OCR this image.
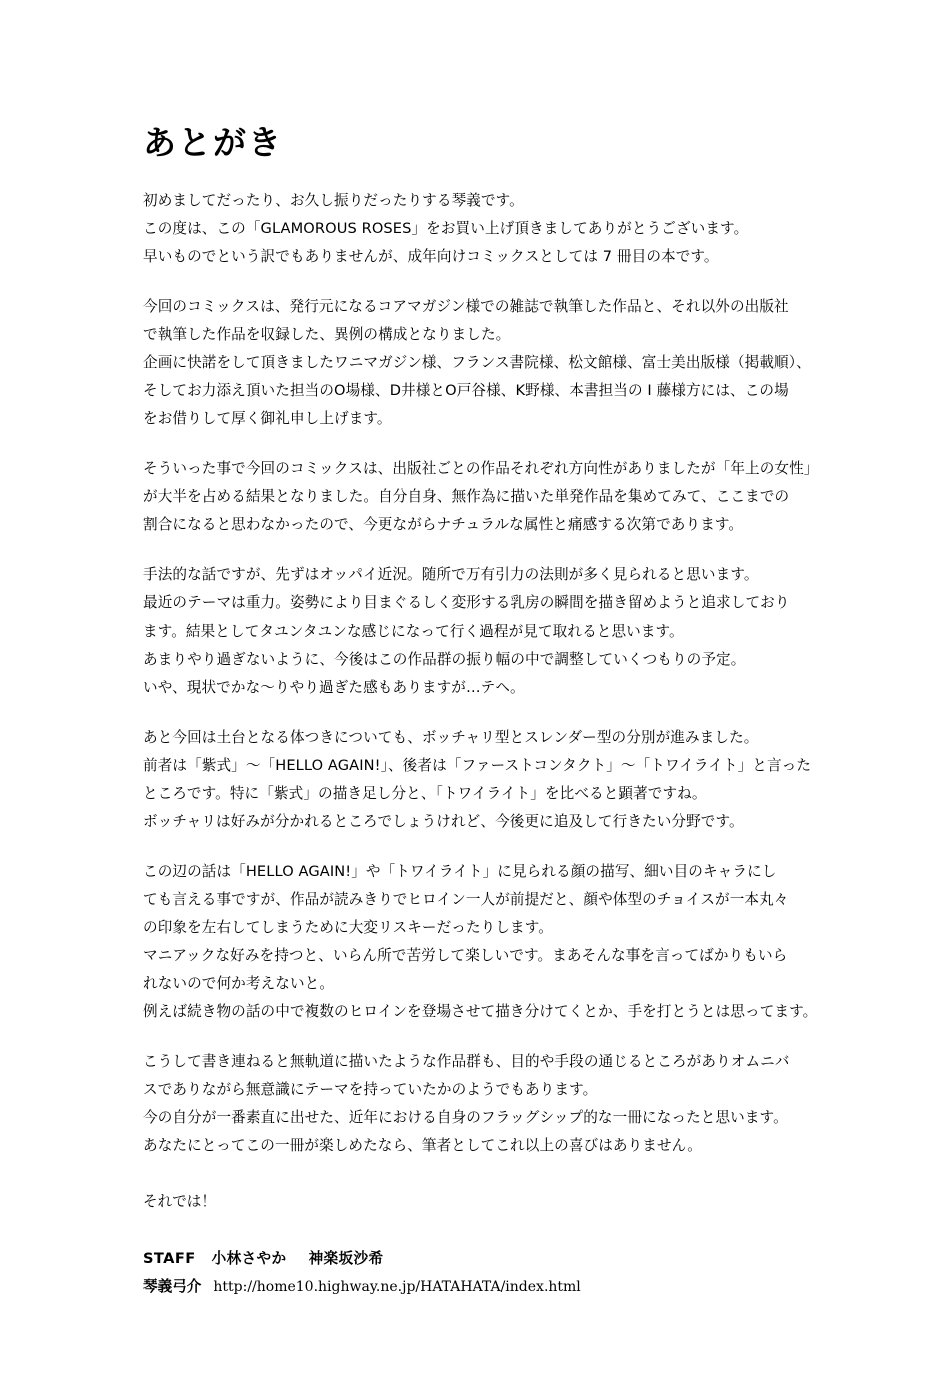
あとがき

初めましてだったり、お久し振りだったりする琴義です。
この度は、この「GLAMOROUS ROSES」をお買い上げ頂きましてありがとうございます。
早いものでという訳でもありませんが、成年向けコミックスとしては 7 冊目の本です。

今回のコミックスは、発行元になるコアマガジン様での雑誌で執筆した作品と、それ以外の出版社
で執筆した作品を収録した、異例の構成となりました。
企画に快諾をして頂きましたワニマガジン様、フランス書院様、松文館様、富士美出版様（掲載順）、
そしてお力添え頂いた担当のO場様、D井様とO戸谷様、K野様、本書担当の I 藤様方には、この場
をお借りして厚く御礼申し上げます。

そういった事で今回のコミックスは、出版社ごとの作品それぞれ方向性がありましたが「年上の女性」
が大半を占める結果となりました。自分自身、無作為に描いた単発作品を集めてみて、ここまでの
割合になると思わなかったので、今更ながらナチュラルな属性と痛感する次第であります。

手法的な話ですが、先ずはオッパイ近況。随所で万有引力の法則が多く見られると思います。
最近のテーマは重力。姿勢により目まぐるしく変形する乳房の瞬間を描き留めようと追求しており
ます。結果としてタユンタユンな感じになって行く過程が見て取れると思います。
あまりやり過ぎないように、今後はこの作品群の振り幅の中で調整していくつもりの予定。
いや、現状でかな〜りやり過ぎた感もありますが…テヘ。

あと今回は土台となる体つきについても、ボッチャリ型とスレンダー型の分別が進みました。
前者は「紫式」〜「HELLO AGAIN!」、後者は「ファーストコンタクト」〜「トワイライト」と言った
ところです。特に「紫式」の描き足し分と、「トワイライト」を比べると顕著ですね。
ボッチャリは好みが分かれるところでしょうけれど、今後更に追及して行きたい分野です。

この辺の話は「HELLO AGAIN!」や「トワイライト」に見られる顔の描写、細い目のキャラにし
ても言える事ですが、作品が読みきりでヒロイン一人が前提だと、顔や体型のチョイスが一本丸々
の印象を左右してしまうために大変リスキーだったりします。
マニアックな好みを持つと、いらん所で苦労して楽しいです。まあそんな事を言ってばかりもいら
れないので何か考えないと。
例えば続き物の話の中で複数のヒロインを登場させて描き分けてくとか、手を打とうとは思ってます。

こうして書き連ねると無軌道に描いたような作品群も、目的や手段の通じるところがありオムニバ
スでありながら無意識にテーマを持っていたかのようでもあります。
今の自分が一番素直に出せた、近年における自身のフラッグシップ的な一冊になったと思います。
あなたにとってこの一冊が楽しめたなら、筆者としてこれ以上の喜びはありません。

それでは！

STAFF 小林さやか 神楽坂沙希
琴義弓介 http://home10.highway.ne.jp/HATAHATA/index.html
